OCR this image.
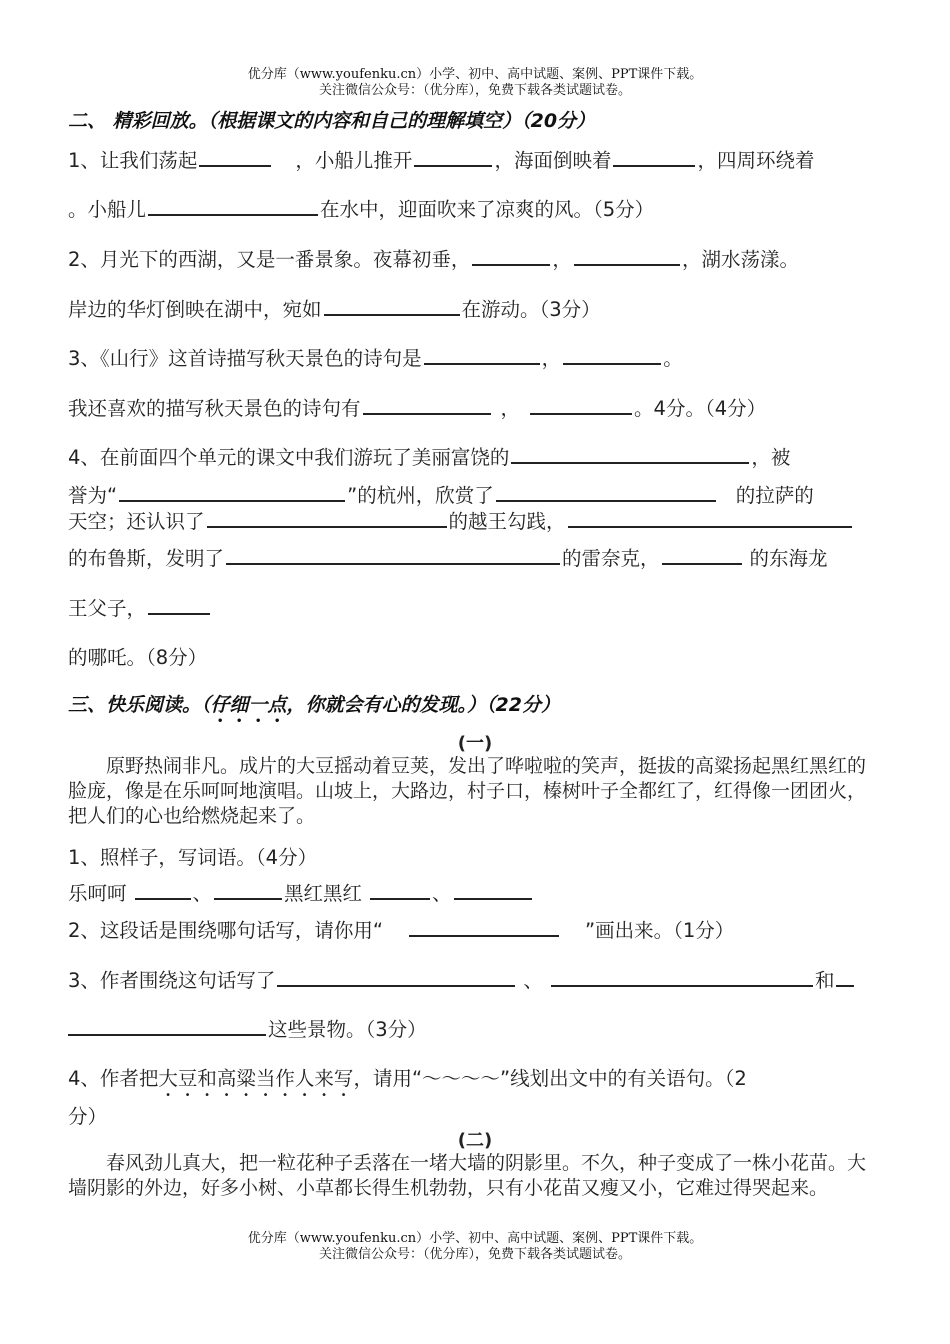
优分库（www.youfenku.cn）小学、初中、高中试题、案例、PPT课件下载。
关注微信公众号：（优分库），免费下载各类试题试卷。
二、 精彩回放。（根据课文的内容和自己的理解填空）（20分）
1、让我们荡起	，小船儿推开	，海面倒映着	，四周环绕着
。小船儿	在水中，迎面吹来了凉爽的风。（5分）
2、月光下的西湖，又是一番景象。夜幕初垂，	，	，湖水荡漾。
岸边的华灯倒映在湖中，宛如	在游动。（3分）
3、《山行》这首诗描写秋天景色的诗句是	，	。
我还喜欢的描写秋天景色的诗句有	，	。4分。（4分）
4、在前面四个单元的课文中我们游玩了美丽富饶的	，被
誉为“	”的杭州，欣赏了	的拉萨的
天空；还认识了	的越王勾践，
的布鲁斯，发明了	的雷奈克，	的东海龙
王父子，
的哪吒。（8分）
三、快乐阅读。（仔细一点，你就会有心的发现。）（22分）
(一)
原野热闹非凡。成片的大豆摇动着豆荚，发出了哗啦啦的笑声，挺拔的高粱扬起黑红黑红的脸庞，像是在乐呵呵地演唱。山坡上，大路边，村子口，榛树叶子全都红了，红得像一团团火，把人们的心也给燃烧起来了。
1、照样子，写词语。（4分）
乐呵呵	、	黑红黑红	、
2、这段话是围绕哪句话写，请你用“	”画出来。（1分）
3、作者围绕这句话写了	、	和
这些景物。（3分）
4、作者把大豆和高粱当作人来写，请用“～～～～”线划出文中的有关语句。（2
分）
(二)
春风劲儿真大，把一粒花种子丢落在一堵大墙的阴影里。不久，种子变成了一株小花苗。大墙阴影的外边，好多小树、小草都长得生机勃勃，只有小花苗又瘦又小，它难过得哭起来。
优分库（www.youfenku.cn）小学、初中、高中试题、案例、PPT课件下载。
关注微信公众号：（优分库），免费下载各类试题试卷。
